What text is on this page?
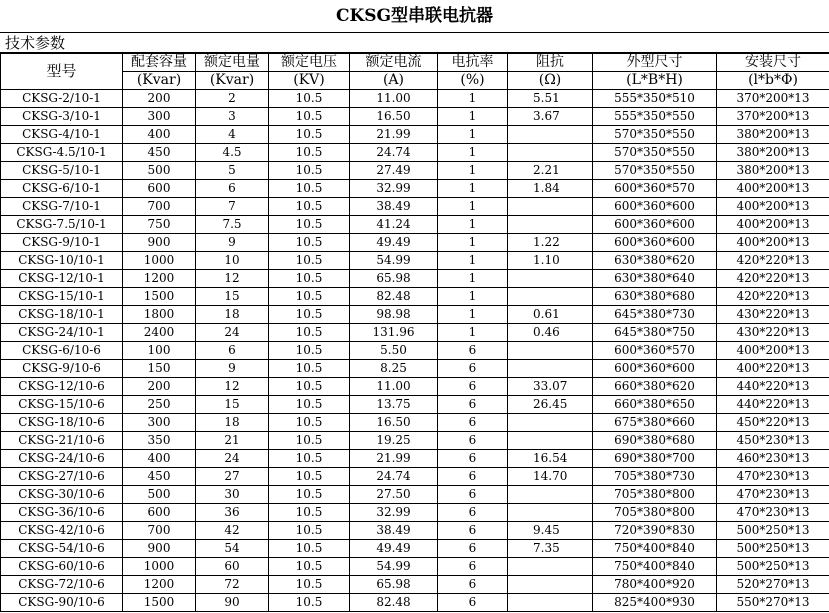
CKSG型串联电抗器
技术参数
型号	配套容量	额定电量	额定电压	额定电流	电抗率	阻抗	外型尺寸	安装尺寸
	(Kvar)	(Kvar)	(KV)	(A)	(%)	(Ω)	(L*B*H)	(l*b*Φ)
CKSG-2/10-1	200	2	10.5	11.00	1	5.51	555*350*510	370*200*13
CKSG-3/10-1	300	3	10.5	16.50	1	3.67	555*350*550	370*200*13
CKSG-4/10-1	400	4	10.5	21.99	1		570*350*550	380*200*13
CKSG-4.5/10-1	450	4.5	10.5	24.74	1		570*350*550	380*200*13
CKSG-5/10-1	500	5	10.5	27.49	1	2.21	570*350*550	380*200*13
CKSG-6/10-1	600	6	10.5	32.99	1	1.84	600*360*570	400*200*13
CKSG-7/10-1	700	7	10.5	38.49	1		600*360*600	400*200*13
CKSG-7.5/10-1	750	7.5	10.5	41.24	1		600*360*600	400*200*13
CKSG-9/10-1	900	9	10.5	49.49	1	1.22	600*360*600	400*200*13
CKSG-10/10-1	1000	10	10.5	54.99	1	1.10	630*380*620	420*220*13
CKSG-12/10-1	1200	12	10.5	65.98	1		630*380*640	420*220*13
CKSG-15/10-1	1500	15	10.5	82.48	1		630*380*680	420*220*13
CKSG-18/10-1	1800	18	10.5	98.98	1	0.61	645*380*730	430*220*13
CKSG-24/10-1	2400	24	10.5	131.96	1	0.46	645*380*750	430*220*13
CKSG-6/10-6	100	6	10.5	5.50	6		600*360*570	400*200*13
CKSG-9/10-6	150	9	10.5	8.25	6		600*360*600	400*220*13
CKSG-12/10-6	200	12	10.5	11.00	6	33.07	660*380*620	440*220*13
CKSG-15/10-6	250	15	10.5	13.75	6	26.45	660*380*650	440*220*13
CKSG-18/10-6	300	18	10.5	16.50	6		675*380*660	450*220*13
CKSG-21/10-6	350	21	10.5	19.25	6		690*380*680	450*230*13
CKSG-24/10-6	400	24	10.5	21.99	6	16.54	690*380*700	460*230*13
CKSG-27/10-6	450	27	10.5	24.74	6	14.70	705*380*730	470*230*13
CKSG-30/10-6	500	30	10.5	27.50	6		705*380*800	470*230*13
CKSG-36/10-6	600	36	10.5	32.99	6		705*380*800	470*230*13
CKSG-42/10-6	700	42	10.5	38.49	6	9.45	720*390*830	500*250*13
CKSG-54/10-6	900	54	10.5	49.49	6	7.35	750*400*840	500*250*13
CKSG-60/10-6	1000	60	10.5	54.99	6		750*400*840	500*250*13
CKSG-72/10-6	1200	72	10.5	65.98	6		780*400*920	520*270*13
CKSG-90/10-6	1500	90	10.5	82.48	6		825*400*930	550*270*13
